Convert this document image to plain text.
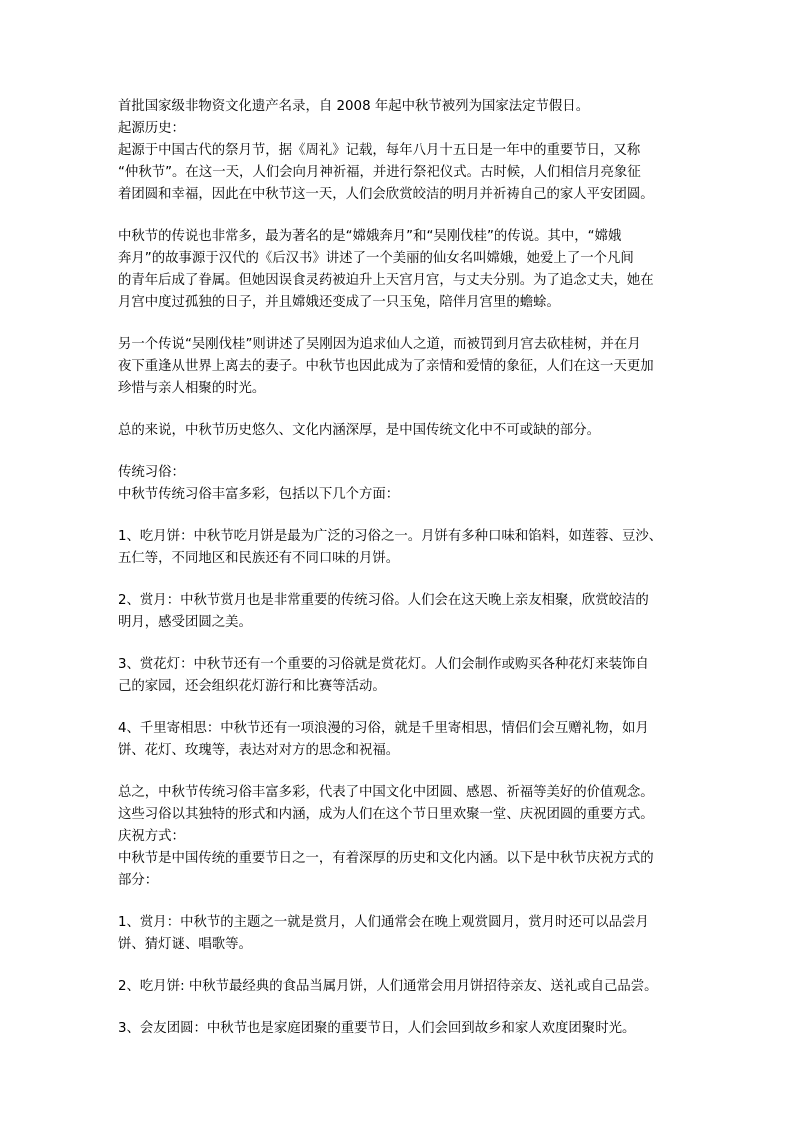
首批国家级非物资文化遗产名录，自 2008 年起中秋节被列为国家法定节假日。
起源历史：
起源于中国古代的祭月节，据《周礼》记载，每年八月十五日是一年中的重要节日，又称
“仲秋节”。在这一天，人们会向月神祈福，并进行祭祀仪式。古时候，人们相信月亮象征
着团圆和幸福，因此在中秋节这一天，人们会欣赏皎洁的明月并祈祷自己的家人平安团圆。
中秋节的传说也非常多，最为著名的是“嫦娥奔月”和“吴刚伐桂”的传说。其中，“嫦娥
奔月”的故事源于汉代的《后汉书》讲述了一个美丽的仙女名叫嫦娥，她爱上了一个凡间
的青年后成了眷属。但她因误食灵药被迫升上天宫月宫，与丈夫分别。为了追念丈夫，她在
月宫中度过孤独的日子，并且嫦娥还变成了一只玉兔，陪伴月宫里的蟾蜍。
另一个传说“吴刚伐桂”则讲述了吴刚因为追求仙人之道，而被罚到月宫去砍桂树，并在月
夜下重逢从世界上离去的妻子。中秋节也因此成为了亲情和爱情的象征，人们在这一天更加
珍惜与亲人相聚的时光。
总的来说，中秋节历史悠久、文化内涵深厚，是中国传统文化中不可或缺的部分。
传统习俗：
中秋节传统习俗丰富多彩，包括以下几个方面：
1、吃月饼：中秋节吃月饼是最为广泛的习俗之一。月饼有多种口味和馅料，如莲蓉、豆沙、
五仁等，不同地区和民族还有不同口味的月饼。
2、赏月：中秋节赏月也是非常重要的传统习俗。人们会在这天晚上亲友相聚，欣赏皎洁的
明月，感受团圆之美。
3、赏花灯：中秋节还有一个重要的习俗就是赏花灯。人们会制作或购买各种花灯来装饰自
己的家园，还会组织花灯游行和比赛等活动。
4、千里寄相思：中秋节还有一项浪漫的习俗，就是千里寄相思，情侣们会互赠礼物，如月
饼、花灯、玫瑰等，表达对对方的思念和祝福。
总之，中秋节传统习俗丰富多彩，代表了中国文化中团圆、感恩、祈福等美好的价值观念。
这些习俗以其独特的形式和内涵，成为人们在这个节日里欢聚一堂、庆祝团圆的重要方式。
庆祝方式：
中秋节是中国传统的重要节日之一，有着深厚的历史和文化内涵。以下是中秋节庆祝方式的
部分：
1、赏月：中秋节的主题之一就是赏月，人们通常会在晚上观赏圆月，赏月时还可以品尝月
饼、猜灯谜、唱歌等。
2、吃月饼: 中秋节最经典的食品当属月饼，人们通常会用月饼招待亲友、送礼或自己品尝。
3、会友团圆：中秋节也是家庭团聚的重要节日，人们会回到故乡和家人欢度团聚时光。
